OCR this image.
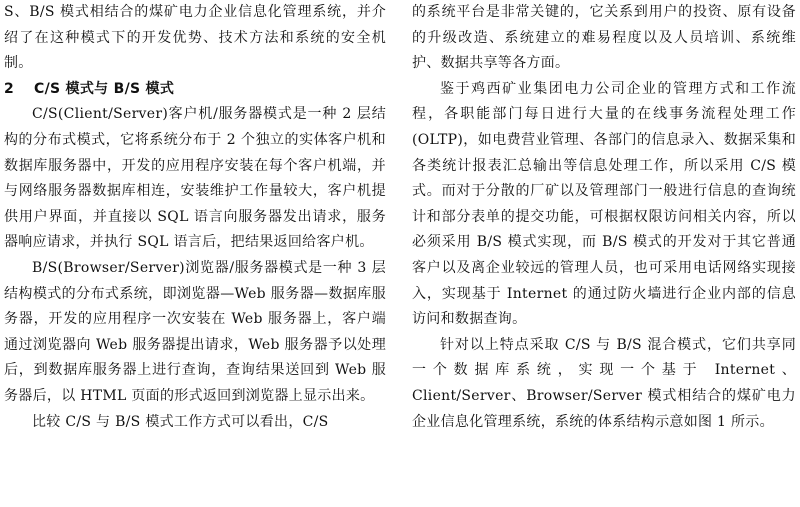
S、B/S 模式相结合的煤矿电力企业信息化管理系统，并介绍了在这种模式下的开发优势、技术方法和系统的安全机制。

2 C/S 模式与 B/S 模式

C/S(Client/Server)客户机/服务器模式是一种 2 层结构的分布式模式，它将系统分布于 2 个独立的实体客户机和数据库服务器中，开发的应用程序安装在每个客户机端，并与网络服务器数据库相连，安装维护工作量较大，客户机提供用户界面，并直接以 SQL 语言向服务器发出请求，服务器响应请求，并执行 SQL 语言后，把结果返回给客户机。

B/S(Browser/Server)浏览器/服务器模式是一种 3 层结构模式的分布式系统，即浏览器—Web 服务器—数据库服务器，开发的应用程序一次安装在 Web 服务器上，客户端通过浏览器向 Web 服务器提出请求，Web 服务器予以处理后，到数据库服务器上进行查询，查询结果送回到 Web 服务器后，以 HTML 页面的形式返回到浏览器上显示出来。

比较 C/S 与 B/S 模式工作方式可以看出，C/S

的系统平台是非常关键的，它关系到用户的投资、原有设备的升级改造、系统建立的难易程度以及人员培训、系统维护、数据共享等各方面。

鉴于鸡西矿业集团电力公司企业的管理方式和工作流程，各职能部门每日进行大量的在线事务流程处理工作(OLTP)，如电费营业管理、各部门的信息录入、数据采集和各类统计报表汇总输出等信息处理工作，所以采用 C/S 模式。而对于分散的厂矿以及管理部门一般进行信息的查询统计和部分表单的提交功能，可根据权限访问相关内容，所以必须采用 B/S 模式实现，而 B/S 模式的开发对于其它普通客户以及离企业较远的管理人员，也可采用电话网络实现接入，实现基于 Internet 的通过防火墙进行企业内部的信息访问和数据查询。

针对以上特点采取 C/S 与 B/S 混合模式，它们共享同一个数据库系统，实现一个基于 Internet、Client/Server、Browser/Server 模式相结合的煤矿电力企业信息化管理系统，系统的体系结构示意如图 1 所示。
